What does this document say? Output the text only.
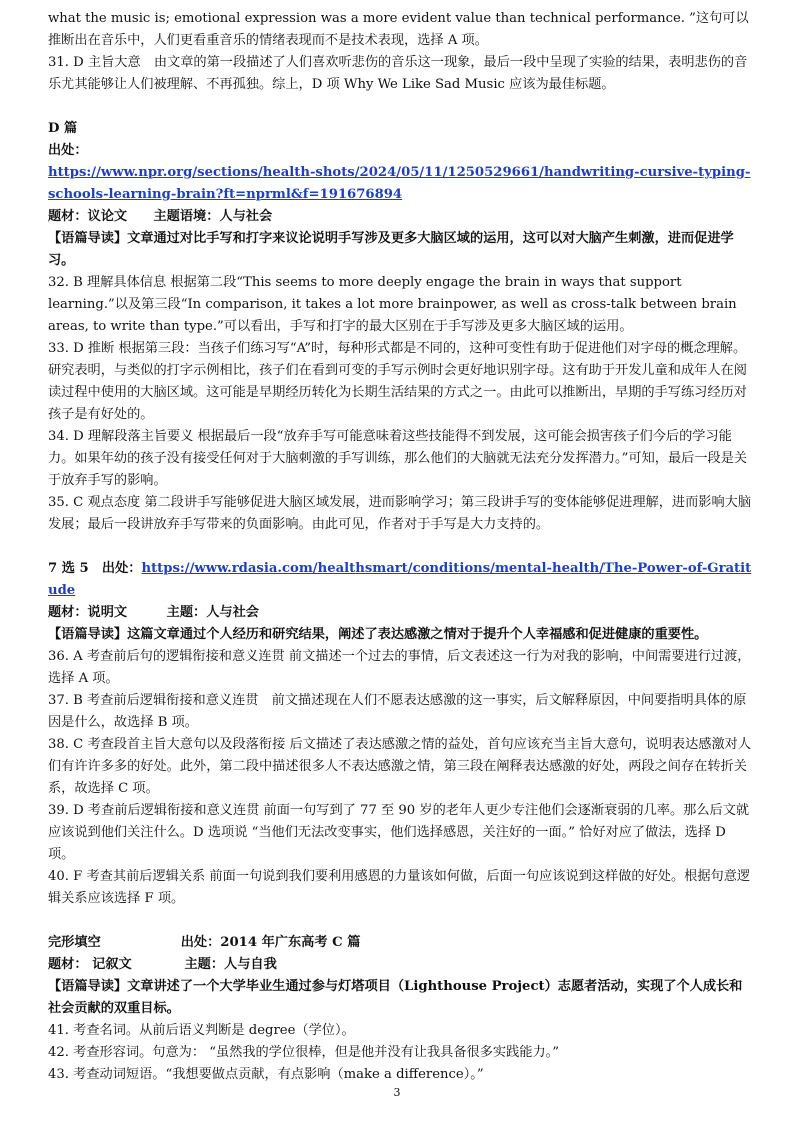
what the music is; emotional expression was a more evident value than technical performance. ”这句可以推断出在音乐中，人们更看重音乐的情绪表现而不是技术表现，选择 A 项。

31. D 主旨大意　由文章的第一段描述了人们喜欢听悲伤的音乐这一现象，最后一段中呈现了实验的结果，表明悲伤的音乐尤其能够让人们被理解、不再孤独。综上，D 项 Why We Like Sad Music 应该为最佳标题。

D 篇

出处：

https://www.npr.org/sections/health-shots/2024/05/11/1250529661/handwriting-cursive-typing-schools-learning-brain?ft=nprml&f=191676894

题材：议论文　　主题语境：人与社会

【语篇导读】文章通过对比手写和打字来议论说明手写涉及更多大脑区域的运用，这可以对大脑产生刺激，进而促进学习。

32. B 理解具体信息 根据第二段“This seems to more deeply engage the brain in ways that support learning.”以及第三段“In comparison, it takes a lot more brainpower, as well as cross-talk between brain areas, to write than type.”可以看出，手写和打字的最大区别在于手写涉及更多大脑区域的运用。

33. D 推断 根据第三段：当孩子们练习写“A”时，每种形式都是不同的，这种可变性有助于促进他们对字母的概念理解。研究表明，与类似的打字示例相比，孩子们在看到可变的手写示例时会更好地识别字母。这有助于开发儿童和成年人在阅读过程中使用的大脑区域。这可能是早期经历转化为长期生活结果的方式之一。由此可以推断出，早期的手写练习经历对孩子是有好处的。

34. D 理解段落主旨要义 根据最后一段“放弃手写可能意味着这些技能得不到发展，这可能会损害孩子们今后的学习能力。如果年幼的孩子没有接受任何对于大脑刺激的手写训练，那么他们的大脑就无法充分发挥潜力。”可知，最后一段是关于放弃手写的影响。

35. C 观点态度 第二段讲手写能够促进大脑区域发展，进而影响学习；第三段讲手写的变体能够促进理解，进而影响大脑发展；最后一段讲放弃手写带来的负面影响。由此可见，作者对于手写是大力支持的。

7 选 5　出处：https://www.rdasia.com/healthsmart/conditions/mental-health/The-Power-of-Gratitude

题材：说明文　　　主题：人与社会

【语篇导读】这篇文章通过个人经历和研究结果，阐述了表达感激之情对于提升个人幸福感和促进健康的重要性。

36. A 考查前后句的逻辑衔接和意义连贯 前文描述一个过去的事情，后文表述这一行为对我的影响，中间需要进行过渡，选择 A 项。

37. B 考查前后逻辑衔接和意义连贯　前文描述现在人们不愿表达感激的这一事实，后文解释原因，中间要指明具体的原因是什么，故选择 B 项。

38. C 考查段首主旨大意句以及段落衔接 后文描述了表达感激之情的益处，首句应该充当主旨大意句，说明表达感激对人们有许许多多的好处。此外，第二段中描述很多人不表达感激之情，第三段在阐释表达感激的好处，两段之间存在转折关系，故选择 C 项。

39. D 考查前后逻辑衔接和意义连贯 前面一句写到了 77 至 90 岁的老年人更少专注他们会逐渐衰弱的几率。那么后文就应该说到他们关注什么。D 选项说 “当他们无法改变事实，他们选择感恩，关注好的一面。” 恰好对应了做法，选择 D 项。

40. F 考查其前后逻辑关系 前面一句说到我们要利用感恩的力量该如何做，后面一句应该说到这样做的好处。根据句意逻辑关系应该选择 F 项。

完形填空	出处：2014 年广东高考 C 篇

题材： 记叙文　　　　主题：人与自我

【语篇导读】文章讲述了一个大学毕业生通过参与灯塔项目（Lighthouse Project）志愿者活动，实现了个人成长和社会贡献的双重目标。

41. 考查名词。从前后语义判断是 degree（学位）。

42. 考查形容词。句意为： “虽然我的学位很棒，但是他并没有让我具备很多实践能力。”

43. 考查动词短语。“我想要做点贡献，有点影响（make a difference）。”

3
